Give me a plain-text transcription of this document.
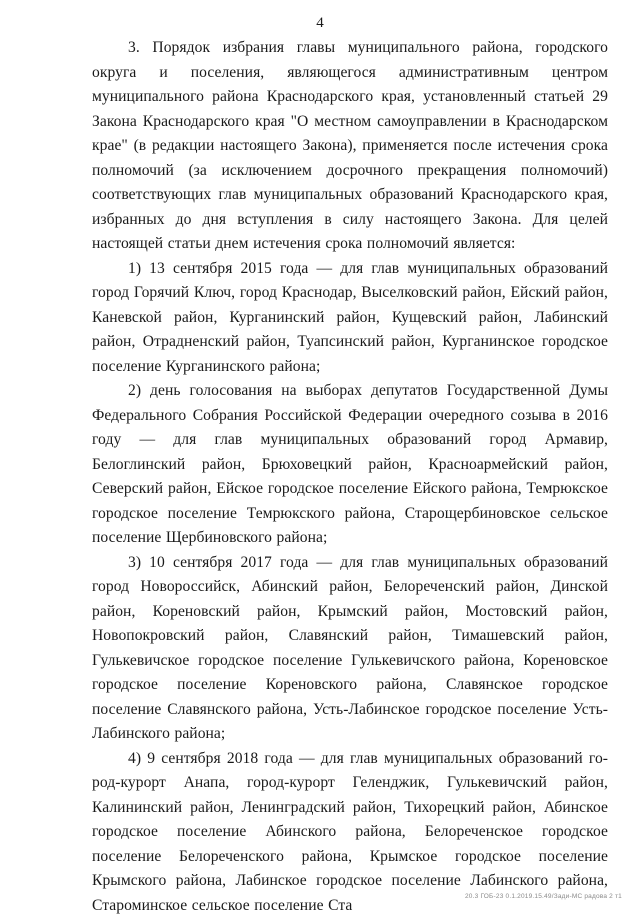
4

3. Порядок избрания главы муниципального района, городского округа и поселения, являющегося административным центром муниципального района Краснодарского края, установленный статьей 29 Закона Краснодарского края "О местном самоуправлении в Краснодарском крае" (в редакции настоящего Закона), применяется после истечения срока полномочий (за исключением досрочного прекращения полномочий) соответствующих глав муниципальных образований Краснодарского края, избранных до дня вступления в силу настоящего Закона. Для целей настоящей статьи днем истечения срока полномочий является:

1) 13 сентября 2015 года — для глав муниципальных образований город Горячий Ключ, город Краснодар, Выселковский район, Ейский район, Каневской район, Курганинский район, Кущевский район, Лабинский район, Отрадненский район, Туапсинский район, Курганинское городское поселение Курганинского района;

2) день голосования на выборах депутатов Государственной Думы Федерального Собрания Российской Федерации очередного созыва в 2016 году — для глав муниципальных образований город Армавир, Белоглинский район, Брюховецкий район, Красноармейский район, Северский район, Ейское городское поселение Ейского района, Темрюкское городское поселение Темрюкского района, Старощербиновское сельское поселение Щербиновского района;

3) 10 сентября 2017 года — для глав муниципальных образований город Новороссийск, Абинский район, Белореченский район, Динской район, Кореновский район, Крымский район, Мостовский район, Новопокровский район, Славянский район, Тимашевский район, Гулькевичское городское поселение Гулькевичского района, Кореновское городское поселение Кореновского района, Славянское городское поселение Славянского района, Усть-Лабинское городское поселение Усть-Лабинского района;

4) 9 сентября 2018 года — для глав муниципальных образований город-курорт Анапа, город-курорт Геленджик, Гулькевичский район, Калининский район, Ленинградский район, Тихорецкий район, Абинское городское поселение Абинского района, Белореченское городское поселение Белореченского района, Крымское городское поселение Крымского района, Лабинское городское поселение Лабинского района, Староминское сельское поселение Ста	20.3 ГОБ-23 0.1.2019.15.49/Зади-МС радова 2 т1
